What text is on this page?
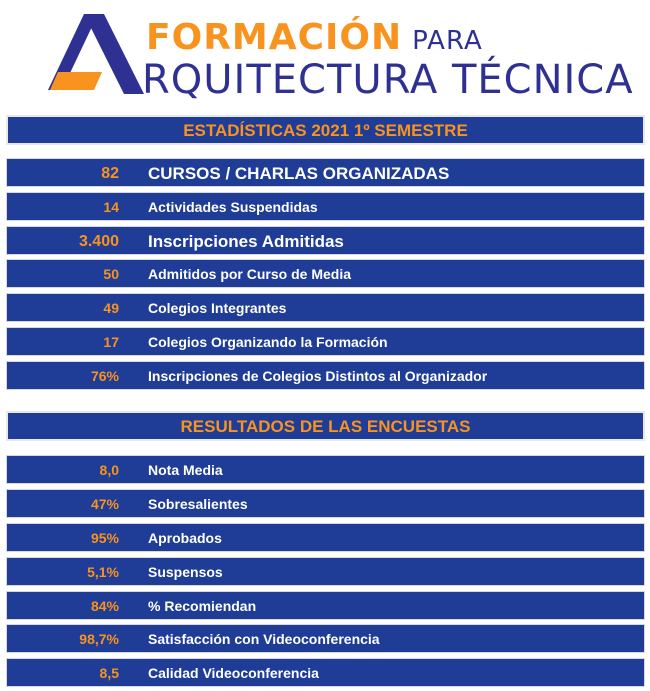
FORMACIÓN PARA
RQUITECTURA TÉCNICA
ESTADÍSTICAS 2021 1º SEMESTRE
82 CURSOS / CHARLAS ORGANIZADAS
14 Actividades Suspendidas
3.400 Inscripciones Admitidas
50 Admitidos por Curso de Media
49 Colegios Integrantes
17 Colegios Organizando la Formación
76% Inscripciones de Colegios Distintos al Organizador
RESULTADOS DE LAS ENCUESTAS
8,0 Nota Media
47% Sobresalientes
95% Aprobados
5,1% Suspensos
84% % Recomiendan
98,7% Satisfacción con Videoconferencia
8,5 Calidad Videoconferencia
